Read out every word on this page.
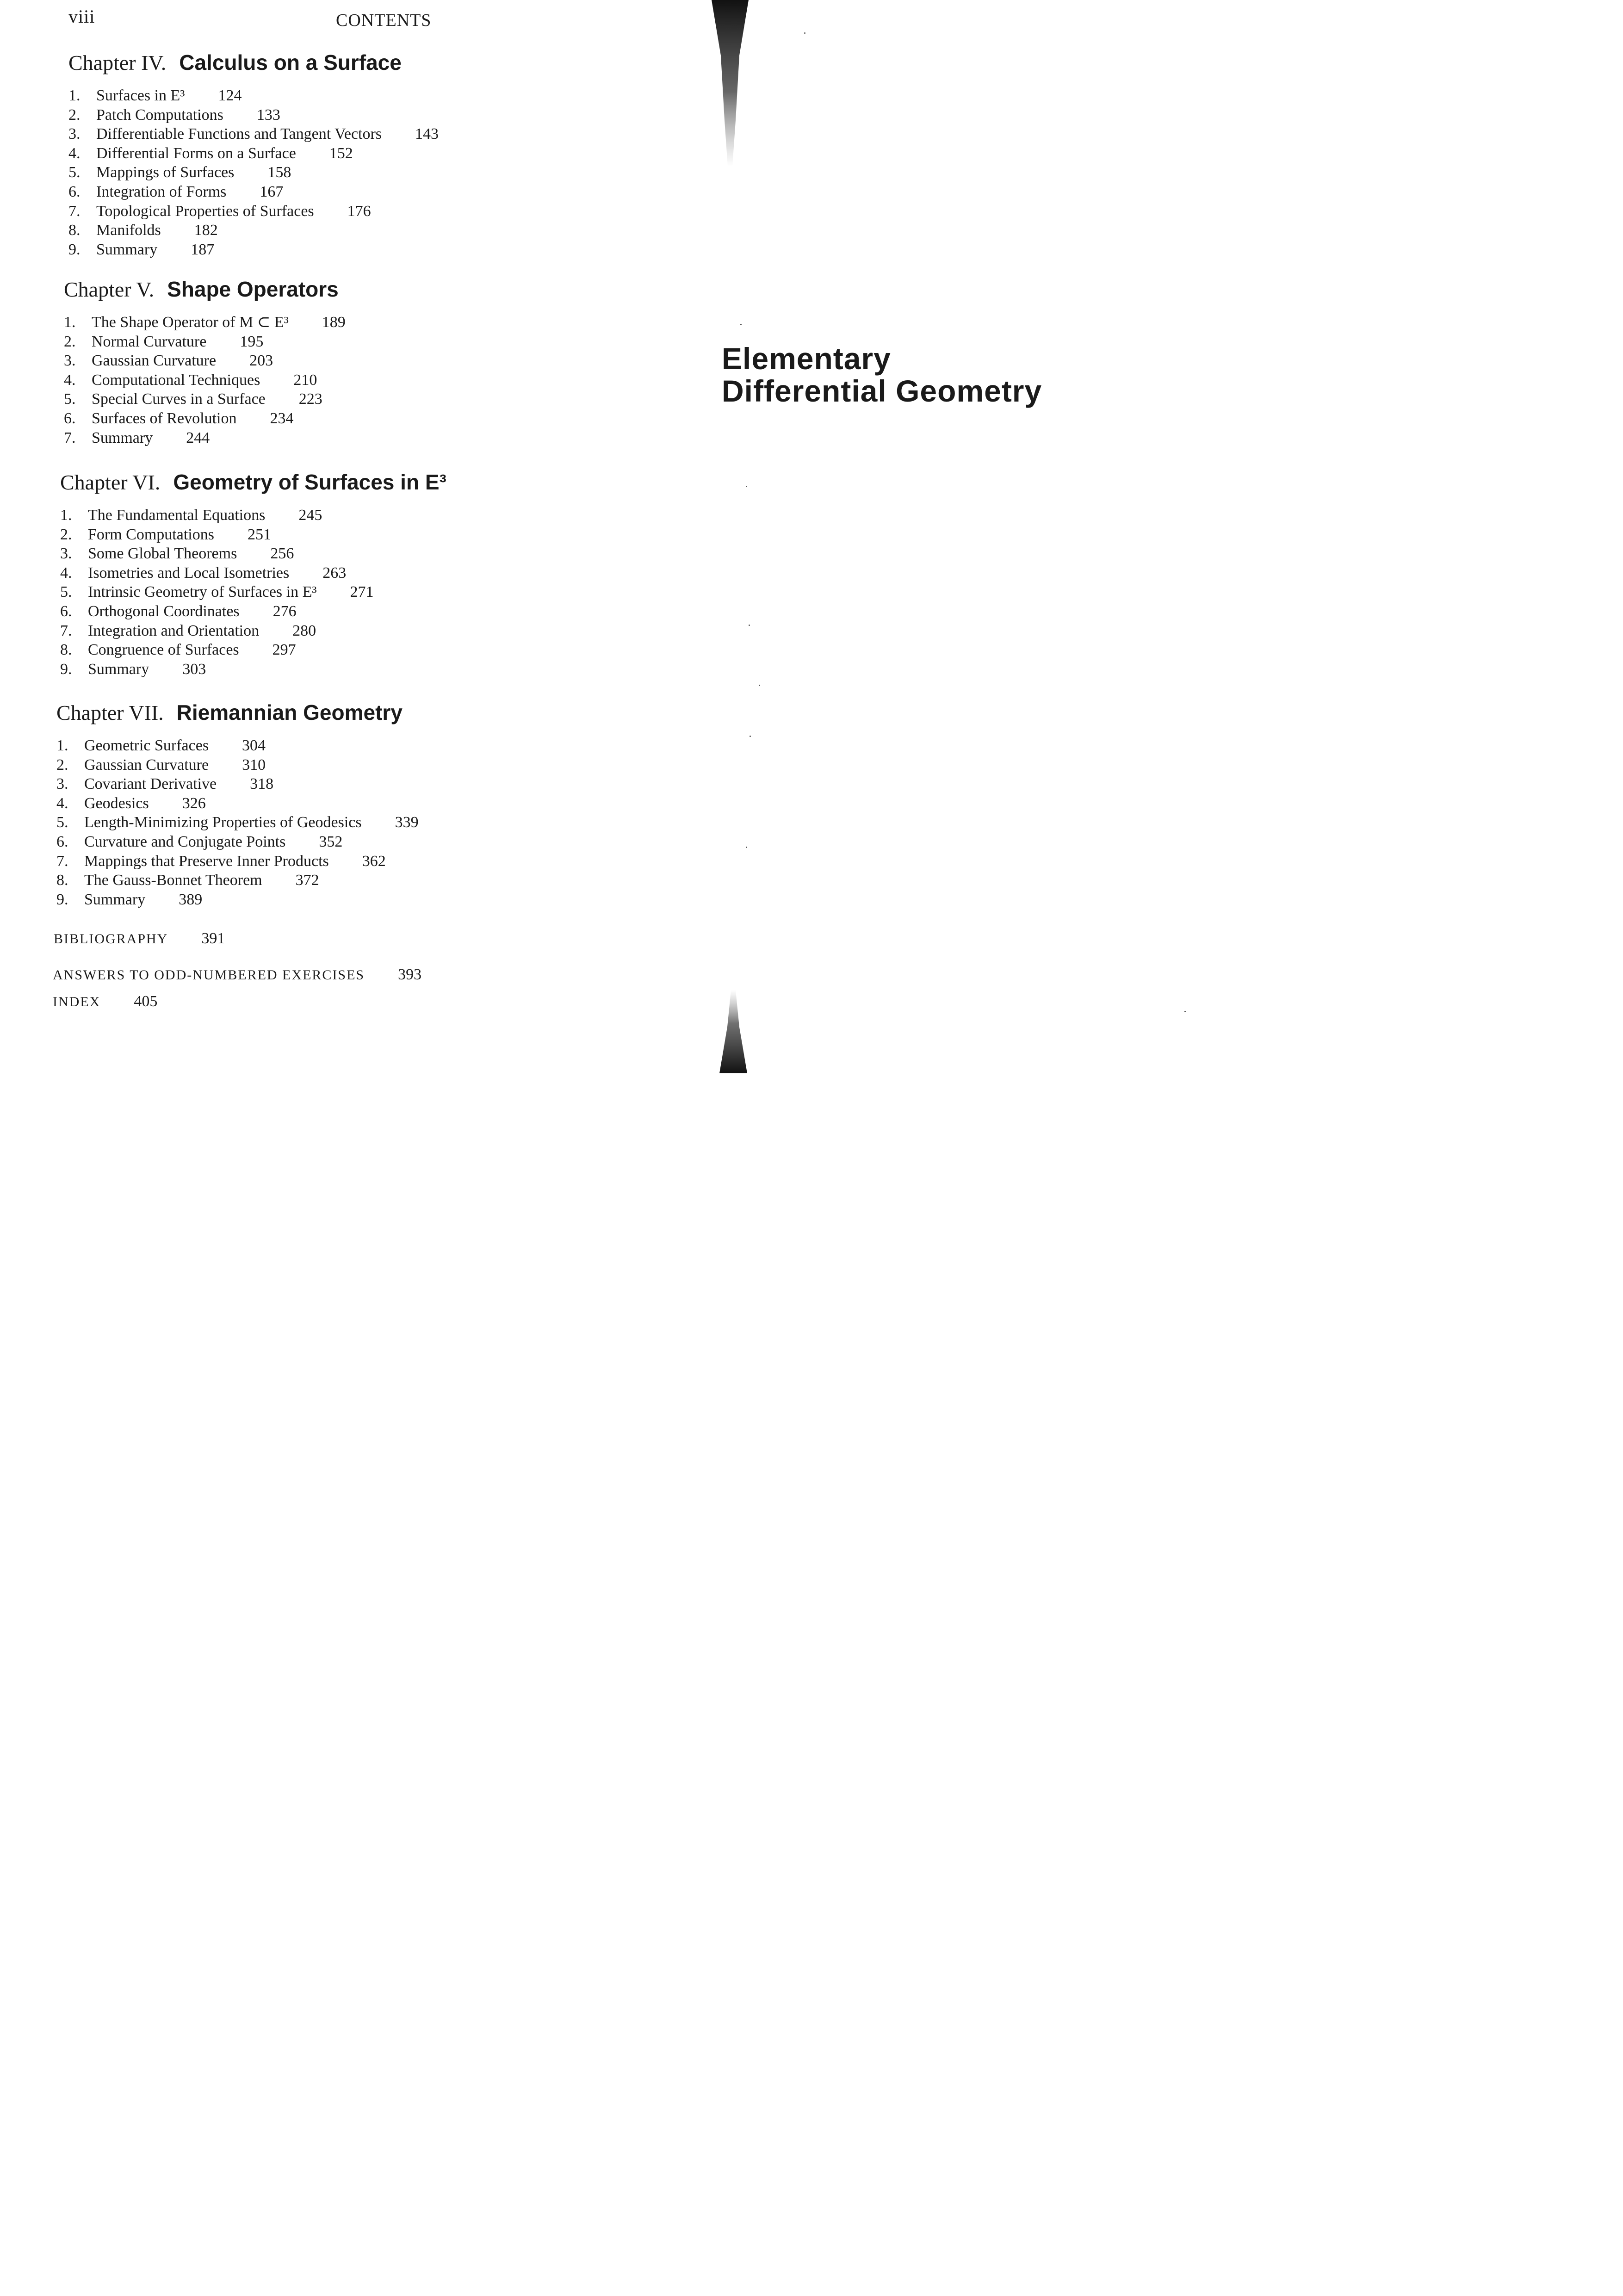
viii	CONTENTS
Chapter IV. Calculus on a Surface
1. Surfaces in E³ 124
2. Patch Computations 133
3. Differentiable Functions and Tangent Vectors 143
4. Differential Forms on a Surface 152
5. Mappings of Surfaces 158
6. Integration of Forms 167
7. Topological Properties of Surfaces 176
8. Manifolds 182
9. Summary 187
Chapter V. Shape Operators
1. The Shape Operator of M ⊂ E³ 189
2. Normal Curvature 195
3. Gaussian Curvature 203
4. Computational Techniques 210
5. Special Curves in a Surface 223
6. Surfaces of Revolution 234
7. Summary 244
Chapter VI. Geometry of Surfaces in E³
1. The Fundamental Equations 245
2. Form Computations 251
3. Some Global Theorems 256
4. Isometries and Local Isometries 263
5. Intrinsic Geometry of Surfaces in E³ 271
6. Orthogonal Coordinates 276
7. Integration and Orientation 280
8. Congruence of Surfaces 297
9. Summary 303
Chapter VII. Riemannian Geometry
1. Geometric Surfaces 304
2. Gaussian Curvature 310
3. Covariant Derivative 318
4. Geodesics 326
5. Length-Minimizing Properties of Geodesics 339
6. Curvature and Conjugate Points 352
7. Mappings that Preserve Inner Products 362
8. The Gauss-Bonnet Theorem 372
9. Summary 389
BIBLIOGRAPHY 391
ANSWERS TO ODD-NUMBERED EXERCISES 393
INDEX 405
Elementary
Differential Geometry
